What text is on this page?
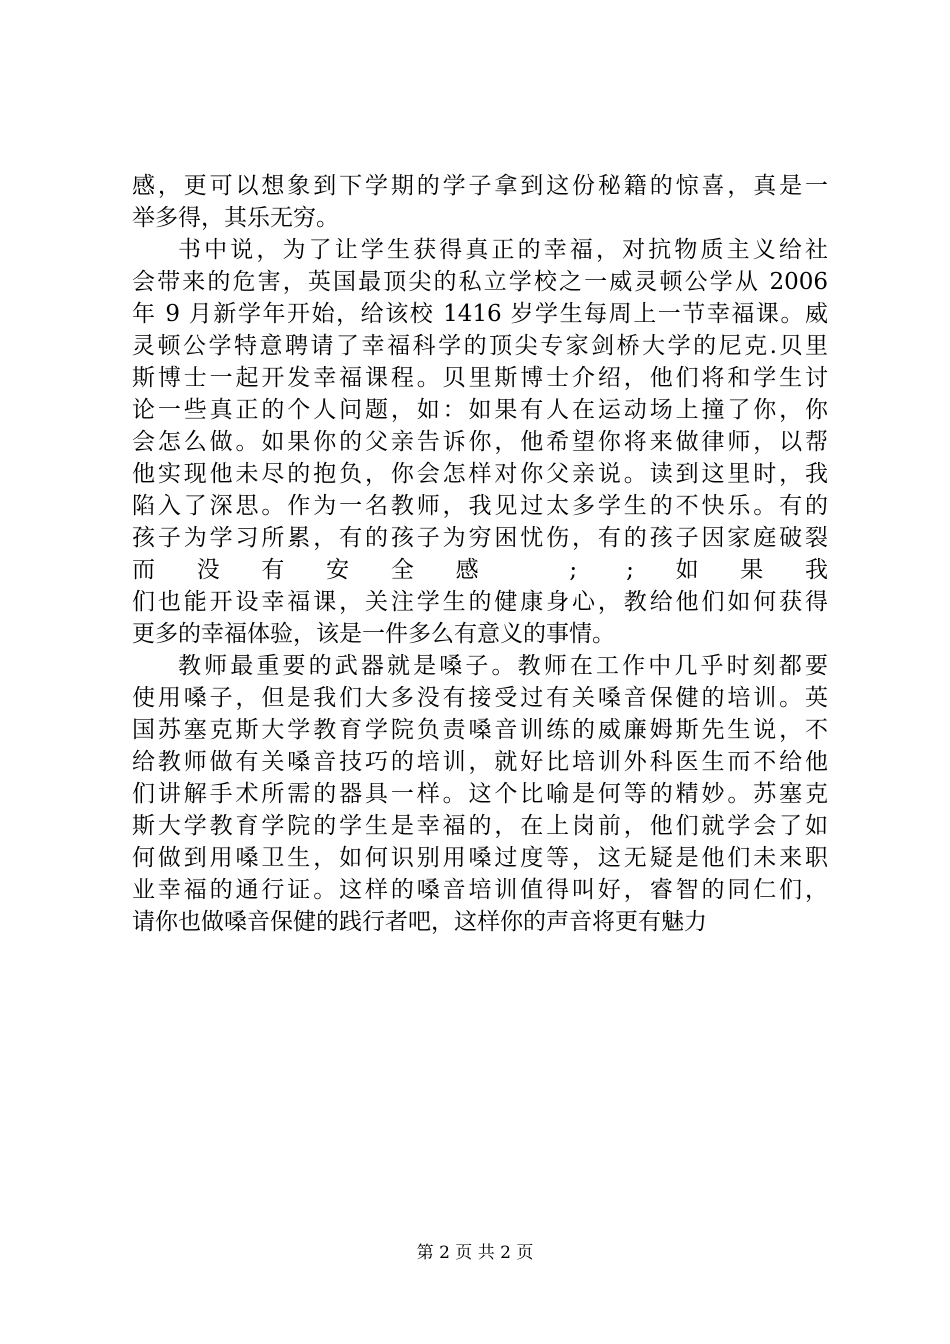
感，更可以想象到下学期的学子拿到这份秘籍的惊喜，真是一
举多得，其乐无穷。
书中说，为了让学生获得真正的幸福，对抗物质主义给社
会带来的危害，英国最顶尖的私立学校之一威灵顿公学从 2006
年 9 月新学年开始，给该校 1416 岁学生每周上一节幸福课。威
灵顿公学特意聘请了幸福科学的顶尖专家剑桥大学的尼克.贝里
斯博士一起开发幸福课程。贝里斯博士介绍，他们将和学生讨
论一些真正的个人问题，如：如果有人在运动场上撞了你，你
会怎么做。如果你的父亲告诉你，他希望你将来做律师，以帮
他实现他未尽的抱负，你会怎样对你父亲说。读到这里时，我
陷入了深思。作为一名教师，我见过太多学生的不快乐。有的
孩子为学习所累，有的孩子为穷困忧伤，有的孩子因家庭破裂
而没有安全感 ; ;如果我
们也能开设幸福课，关注学生的健康身心，教给他们如何获得
更多的幸福体验，该是一件多么有意义的事情。
教师最重要的武器就是嗓子。教师在工作中几乎时刻都要
使用嗓子，但是我们大多没有接受过有关嗓音保健的培训。英
国苏塞克斯大学教育学院负责嗓音训练的威廉姆斯先生说，不
给教师做有关嗓音技巧的培训，就好比培训外科医生而不给他
们讲解手术所需的器具一样。这个比喻是何等的精妙。苏塞克
斯大学教育学院的学生是幸福的，在上岗前，他们就学会了如
何做到用嗓卫生，如何识别用嗓过度等，这无疑是他们未来职
业幸福的通行证。这样的嗓音培训值得叫好，睿智的同仁们，
请你也做嗓音保健的践行者吧，这样你的声音将更有魅力
第 2 页 共 2 页
